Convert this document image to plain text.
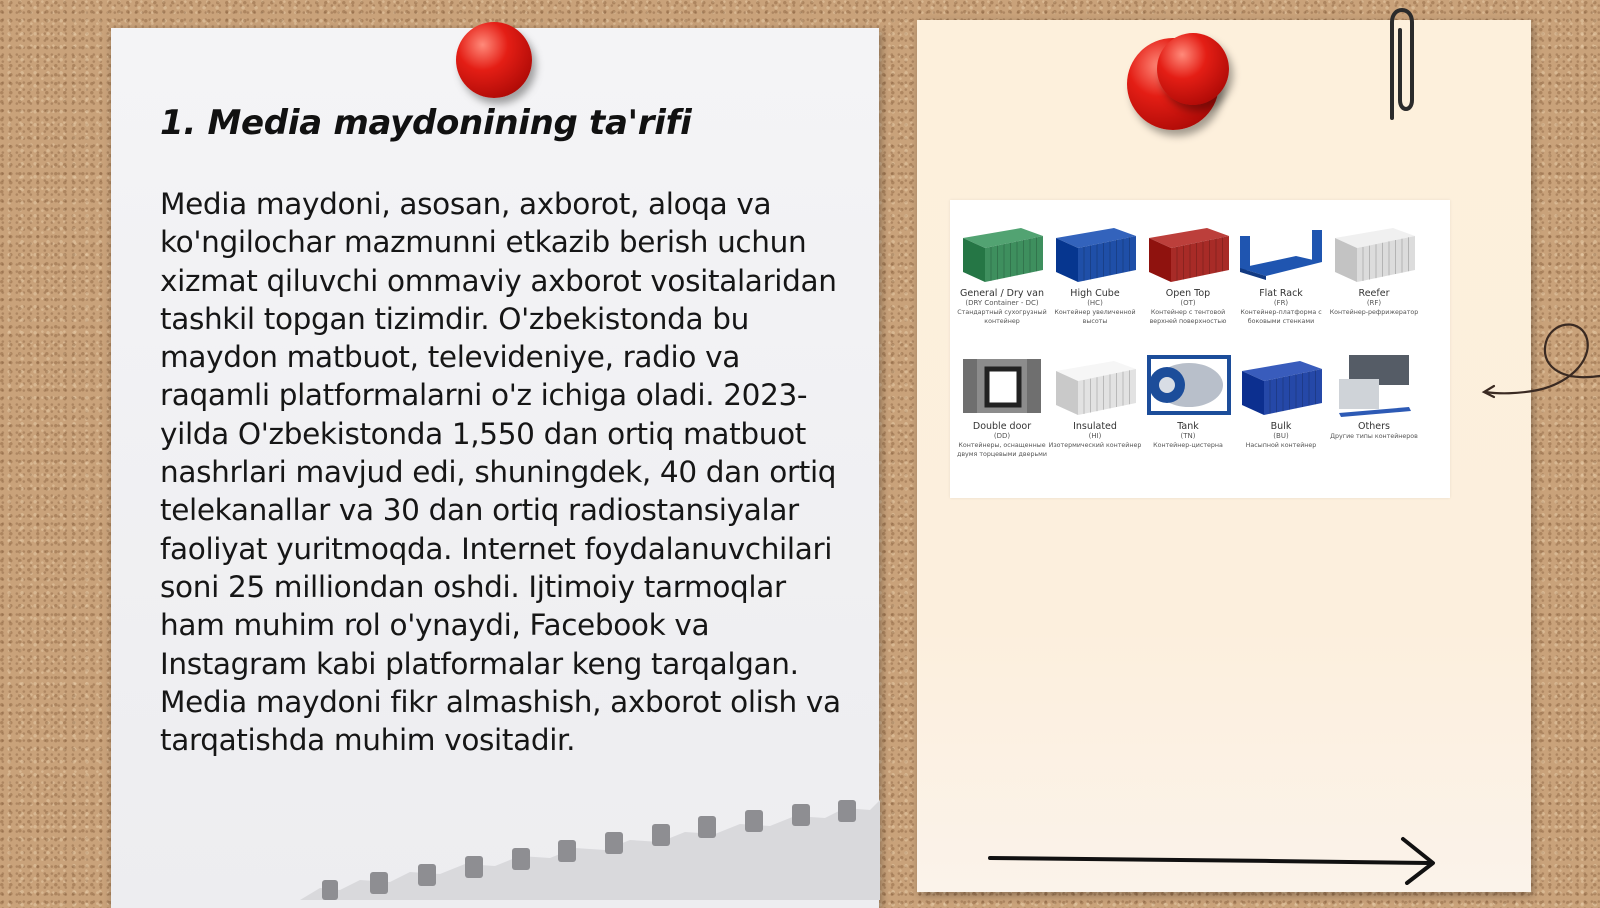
1. Media maydonining ta'rifi

Media maydoni, asosan, axborot, aloqa va ko'ngilochar mazmunni etkazib berish uchun xizmat qiluvchi ommaviy axborot vositalaridan tashkil topgan tizimdir. O'zbekistonda bu maydon matbuot, televideniye, radio va raqamli platformalarni o'z ichiga oladi. 2023-yilda O'zbekistonda 1,550 dan ortiq matbuot nashrlari mavjud edi, shuningdek, 40 dan ortiq telekanallar va 30 dan ortiq radiostansiyalar faoliyat yuritmoqda. Internet foydalanuvchilari soni 25 milliondan oshdi. Ijtimoiy tarmoqlar ham muhim rol o'ynaydi, Facebook va Instagram kabi platformalar keng tarqalgan. Media maydoni fikr almashish, axborot olish va tarqatishda muhim vositadir.

General / Dry van
(DRY Container - DC)
Стандартный сухогрузный контейнер
High Cube
(HC)
Контейнер увеличенной высоты
Open Top
(OT)
Контейнер с тентовой верхней поверхностью
Flat Rack
(FR)
Контейнер-платформа с боковыми стенками
Reefer
(RF)
Контейнер-рефрижератор
Double door
(DD)
Контейнеры, оснащенные двумя торцевыми дверьми
Insulated
(HI)
Изотермический контейнер
Tank
(TN)
Контейнер-цистерна
Bulk
(BU)
Насыпной контейнер
Others
Другие типы контейнеров
